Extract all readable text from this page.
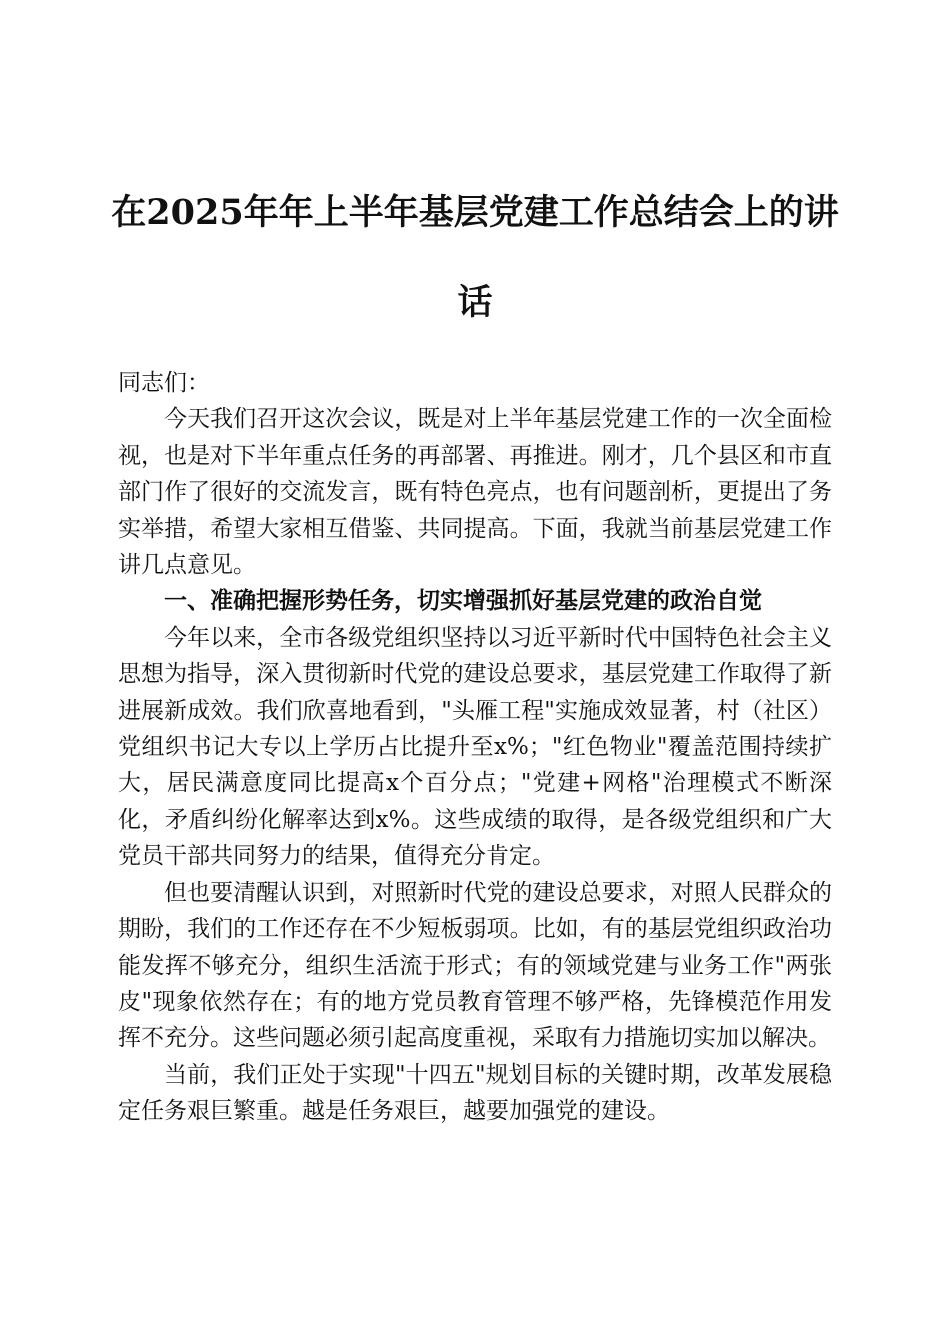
在2025年年上半年基层党建工作总结会上的讲话

同志们：

今天我们召开这次会议，既是对上半年基层党建工作的一次全面检视，也是对下半年重点任务的再部署、再推进。刚才，几个县区和市直部门作了很好的交流发言，既有特色亮点，也有问题剖析，更提出了务实举措，希望大家相互借鉴、共同提高。下面，我就当前基层党建工作讲几点意见。

一、准确把握形势任务，切实增强抓好基层党建的政治自觉

今年以来，全市各级党组织坚持以习近平新时代中国特色社会主义思想为指导，深入贯彻新时代党的建设总要求，基层党建工作取得了新进展新成效。我们欣喜地看到，"头雁工程"实施成效显著，村（社区）党组织书记大专以上学历占比提升至x%；"红色物业"覆盖范围持续扩大，居民满意度同比提高x个百分点；"党建+网格"治理模式不断深化，矛盾纠纷化解率达到x%。这些成绩的取得，是各级党组织和广大党员干部共同努力的结果，值得充分肯定。

但也要清醒认识到，对照新时代党的建设总要求，对照人民群众的期盼，我们的工作还存在不少短板弱项。比如，有的基层党组织政治功能发挥不够充分，组织生活流于形式；有的领域党建与业务工作"两张皮"现象依然存在；有的地方党员教育管理不够严格，先锋模范作用发挥不充分。这些问题必须引起高度重视，采取有力措施切实加以解决。

当前，我们正处于实现"十四五"规划目标的关键时期，改革发展稳定任务艰巨繁重。越是任务艰巨，越要加强党的建设。
